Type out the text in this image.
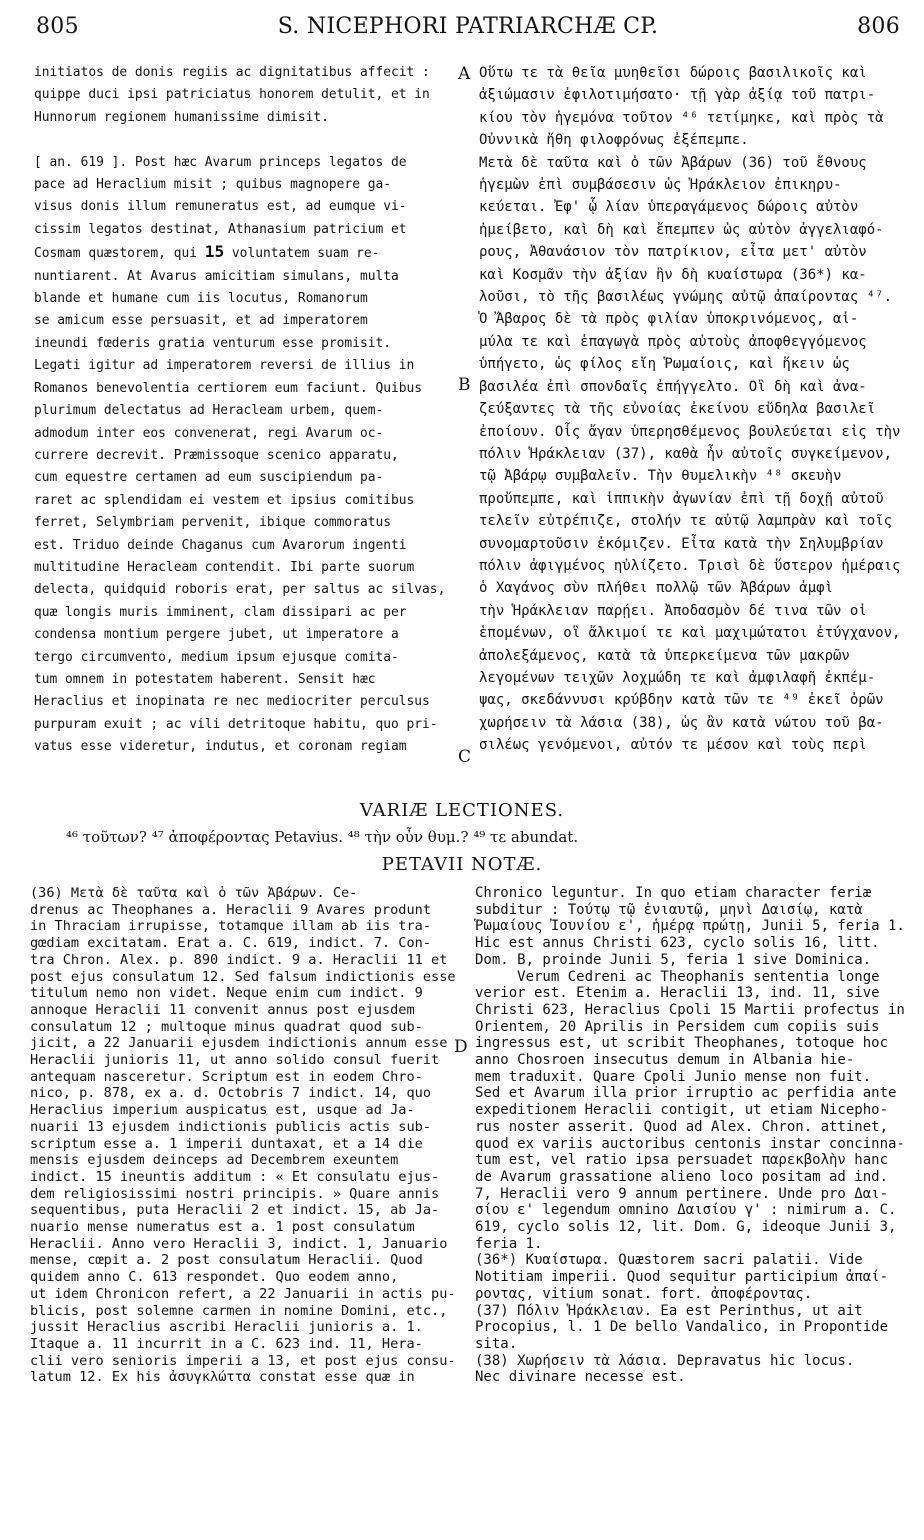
805	S. NICEPHORI PATRIARCHÆ CP.	806
initiatos de donis regiis ac dignitatibus affecit :
quippe duci ipsi patriciatus honorem detulit, et in
Hunnorum regionem humanissime dimisit.

[ an. 619 ]. Post hæc Avarum princeps legatos de
pace ad Heraclium misit ; quibus magnopere ga-
visus donis illum remuneratus est, ad eumque vi-
cissim legatos destinat, Athanasium patricium et
Cosmam quæstorem, qui 15 voluntatem suam re-
nuntiarent. At Avarus amicitiam simulans, multa
blande et humane cum iis locutus, Romanorum
se amicum esse persuasit, et ad imperatorem
ineundi fœderis gratia venturum esse promisit.
Legati igitur ad imperatorem reversi de illius in
Romanos benevolentia certiorem eum faciunt. Quibus
plurimum delectatus ad Heracleam urbem, quem-
admodum inter eos convenerat, regi Avarum oc-
currere decrevit. Præmissoque scenico apparatu,
cum equestre certamen ad eum suscipiendum pa-
raret ac splendidam ei vestem et ipsius comitibus
ferret, Selymbriam pervenit, ibique commoratus
est. Triduo deinde Chaganus cum Avarorum ingenti
multitudine Heracleam contendit. Ibi parte suorum
delecta, quidquid roboris erat, per saltus ac silvas,
quæ longis muris imminent, clam dissipari ac per
condensa montium pergere jubet, ut imperatore a
tergo circumvento, medium ipsum ejusque comita-
tum omnem in potestatem haberent. Sensit hæc
Heraclius et inopinata re nec mediocriter perculsus
purpuram exuit ; ac vili detritoque habitu, quo pri-
vatus esse videretur, indutus, et coronam regiam
Οὕτω τε τὰ θεῖα μυηθεῖσι δώροις βασιλικοῖς καὶ
ἀξιώμασιν ἐφιλοτιμήσατο· τῇ γὰρ ἀξίᾳ τοῦ πατρι-
κίου τὸν ἡγεμόνα τοῦτον ⁴⁶ τετίμηκε, καὶ πρὸς τὰ
Οὐννικὰ ἤθη φιλοφρόνως ἐξέπεμπε.
Μετὰ δὲ ταῦτα καὶ ὁ τῶν Ἀβάρων (36) τοῦ ἔθνους
ἡγεμὼν ἐπὶ συμβάσεσιν ὡς Ἡράκλειον ἐπικηρυ-
κεύεται. Ἐφ' ᾧ λίαν ὑπεραγάμενος δώροις αὐτὸν
ἠμείβετο, καὶ δὴ καὶ ἔπεμπεν ὡς αὐτὸν ἀγγελιαφό-
ρους, Ἀθανάσιον τὸν πατρίκιον, εἶτα μετ' αὐτὸν
καὶ Κοσμᾶν τὴν ἀξίαν ἣν δὴ κυαίστωρα (36*) κα-
λοῦσι, τὸ τῆς βασιλέως γνώμης αὐτῷ ἀπαίροντας ⁴⁷.
Ὁ Ἄβαρος δὲ τὰ πρὸς φιλίαν ὑποκρινόμενος, αἱ-
μύλα τε καὶ ἐπαγωγὰ πρὸς αὐτοὺς ἀποφθεγγόμενος
ὑπήγετο, ὡς φίλος εἴη Ῥωμαίοις, καὶ ἥκειν ὡς
βασιλέα ἐπὶ σπονδαῖς ἐπήγγελτο. Οἳ δὴ καὶ ἀνα-
ζεύξαντες τὰ τῆς εὐνοίας ἐκείνου εὔδηλα βασιλεῖ
ἐποίουν. Οἷς ἄγαν ὑπερησθέμενος βουλεύεται εἰς τὴν
πόλιν Ἡράκλειαν (37), καθὰ ἦν αὐτοῖς συγκείμενον,
τῷ Ἀβάρῳ συμβαλεῖν. Τὴν θυμελικὴν ⁴⁸ σκευὴν
προὔπεμπε, καὶ ἱππικὴν ἀγωνίαν ἐπὶ τῇ δοχῇ αὐτοῦ
τελεῖν εὐτρέπιζε, στολήν τε αὐτῷ λαμπρὰν καὶ τοῖς
συνομαρτοῦσιν ἐκόμιζεν. Εἶτα κατὰ τὴν Σηλυμβρίαν
πόλιν ἀφιγμένος ηὐλίζετο. Τρισὶ δὲ ὕστερον ἡμέραις
ὁ Χαγάνος σὺν πλήθει πολλῷ τῶν Ἀβάρων ἀμφὶ
τὴν Ἡράκλειαν παρῄει. Ἀποδασμὸν δέ τινα τῶν οἱ
ἑπομένων, οἳ ἄλκιμοί τε καὶ μαχιμώτατοι ἐτύγχανον,
ἀπολεξάμενος, κατὰ τὰ ὑπερκείμενα τῶν μακρῶν
λεγομένων τειχῶν λοχμώδη τε καὶ ἀμφιλαφῆ ἐκπέμ-
ψας, σκεδάννυσι κρύβδην κατὰ τῶν τε ⁴⁹ ἐκεῖ ὀρῶν
χωρήσειν τὰ λάσια (38), ὡς ἂν κατὰ νώτου τοῦ βα-
σιλέως γενόμενοι, αὐτόν τε μέσον καὶ τοὺς περὶ
A
B
C
D
VARIÆ LECTIONES.
⁴⁶ τοῦτων? ⁴⁷ ἀποφέροντας Petavius. ⁴⁸ τὴν οὖν θυμ.? ⁴⁹ τε abundat.
PETAVII NOTÆ.
(36) Μετὰ δὲ ταῦτα καὶ ὁ τῶν Ἀβάρων. Ce-
drenus ac Theophanes a. Heraclii 9 Avares produnt
in Thraciam irrupisse, totamque illam ab iis tra-
gœdiam excitatam. Erat a. C. 619, indict. 7. Con-
tra Chron. Alex. p. 890 indict. 9 a. Heraclii 11 et
post ejus consulatum 12. Sed falsum indictionis esse
titulum nemo non videt. Neque enim cum indict. 9
annoque Heraclii 11 convenit annus post ejusdem
consulatum 12 ; multoque minus quadrat quod sub-
jicit, a 22 Januarii ejusdem indictionis annum esse
Heraclii junioris 11, ut anno solido consul fuerit
antequam nasceretur. Scriptum est in eodem Chro-
nico, p. 878, ex a. d. Octobris 7 indict. 14, quo
Heraclius imperium auspicatus est, usque ad Ja-
nuarii 13 ejusdem indictionis publicis actis sub-
scriptum esse a. 1 imperii duntaxat, et a 14 die
mensis ejusdem deinceps ad Decembrem exeuntem
indict. 15 ineuntis additum : « Et consulatu ejus-
dem religiosissimi nostri principis. » Quare annis
sequentibus, puta Heraclii 2 et indict. 15, ab Ja-
nuario mense numeratus est a. 1 post consulatum
Heraclii. Anno vero Heraclii 3, indict. 1, Januario
mense, cœpit a. 2 post consulatum Heraclii. Quod
quidem anno C. 613 respondet. Quo eodem anno,
ut idem Chronicon refert, a 22 Januarii in actis pu-
blicis, post solemne carmen in nomine Domini, etc.,
jussit Heraclius ascribi Heraclii junioris a. 1.
Itaque a. 11 incurrit in a C. 623 ind. 11, Hera-
clii vero senioris imperii a 13, et post ejus consu-
latum 12. Ex his ἀσυγκλώττα constat esse quæ in
Chronico leguntur. In quo etiam character feriæ
subditur : Τούτῳ τῷ ἐνιαυτῷ, μηνὶ Δαισίῳ, κατὰ
Ῥωμαίους Ἰουνίου ε', ἡμέρᾳ πρώτῃ, Junii 5, feria 1.
Hic est annus Christi 623, cyclo solis 16, litt.
Dom. B, proinde Junii 5, feria 1 sive Dominica.
Verum Cedreni ac Theophanis sententia longe
verior est. Etenim a. Heraclii 13, ind. 11, sive
Christi 623, Heraclius Cpoli 15 Martii profectus in
Orientem, 20 Aprilis in Persidem cum copiis suis
ingressus est, ut scribit Theophanes, totoque hoc
anno Chosroen insecutus demum in Albania hie-
mem traduxit. Quare Cpoli Junio mense non fuit.
Sed et Avarum illa prior irruptio ac perfidia ante
expeditionem Heraclii contigit, ut etiam Nicepho-
rus noster asserit. Quod ad Alex. Chron. attinet,
quod ex variis auctoribus centonis instar concinna-
tum est, vel ratio ipsa persuadet παρεκβολὴν hanc
de Avarum grassatione alieno loco positam ad ind.
7, Heraclii vero 9 annum pertinere. Unde pro Δαι-
σίου ε' legendum omnino Δαισίου γ' : nimirum a. C.
619, cyclo solis 12, lit. Dom. G, ideoque Junii 3,
feria 1.
(36*) Κυαίστωρα. Quæstorem sacri palatii. Vide
Notitiam imperii. Quod sequitur participium ἀπαί-
ροντας, vitium sonat. fort. ἀποφέροντας.
(37) Πόλιν Ἡράκλειαν. Ea est Perinthus, ut ait
Procopius, l. 1 De bello Vandalico, in Propontide
sita.
(38) Χωρήσειν τὰ λάσια. Depravatus hic locus.
Nec divinare necesse est.
